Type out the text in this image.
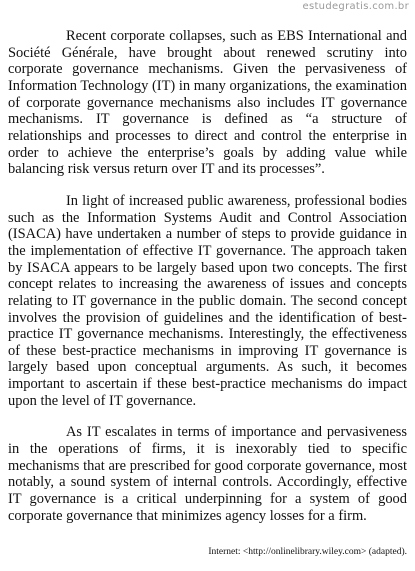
estudegratis.com.br

Recent corporate collapses, such as EBS International and Société Générale, have brought about renewed scrutiny into corporate governance mechanisms. Given the pervasiveness of Information Technology (IT) in many organizations, the examination of corporate governance mechanisms also includes IT governance mechanisms. IT governance is defined as “a structure of relationships and processes to direct and control the enterprise in order to achieve the enterprise’s goals by adding value while balancing risk versus return over IT and its processes”.

In light of increased public awareness, professional bodies such as the Information Systems Audit and Control Association (ISACA) have undertaken a number of steps to provide guidance in the implementation of effective IT governance. The approach taken by ISACA appears to be largely based upon two concepts. The first concept relates to increasing the awareness of issues and concepts relating to IT governance in the public domain. The second concept involves the provision of guidelines and the identification of best-practice IT governance mechanisms. Interestingly, the effectiveness of these best-practice mechanisms in improving IT governance is largely based upon conceptual arguments. As such, it becomes important to ascertain if these best-practice mechanisms do impact upon the level of IT governance.

As IT escalates in terms of importance and pervasiveness in the operations of firms, it is inexorably tied to specific mechanisms that are prescribed for good corporate governance, most notably, a sound system of internal controls. Accordingly, effective IT governance is a critical underpinning for a system of good corporate governance that minimizes agency losses for a firm.

Internet: <http://onlinelibrary.wiley.com> (adapted).
